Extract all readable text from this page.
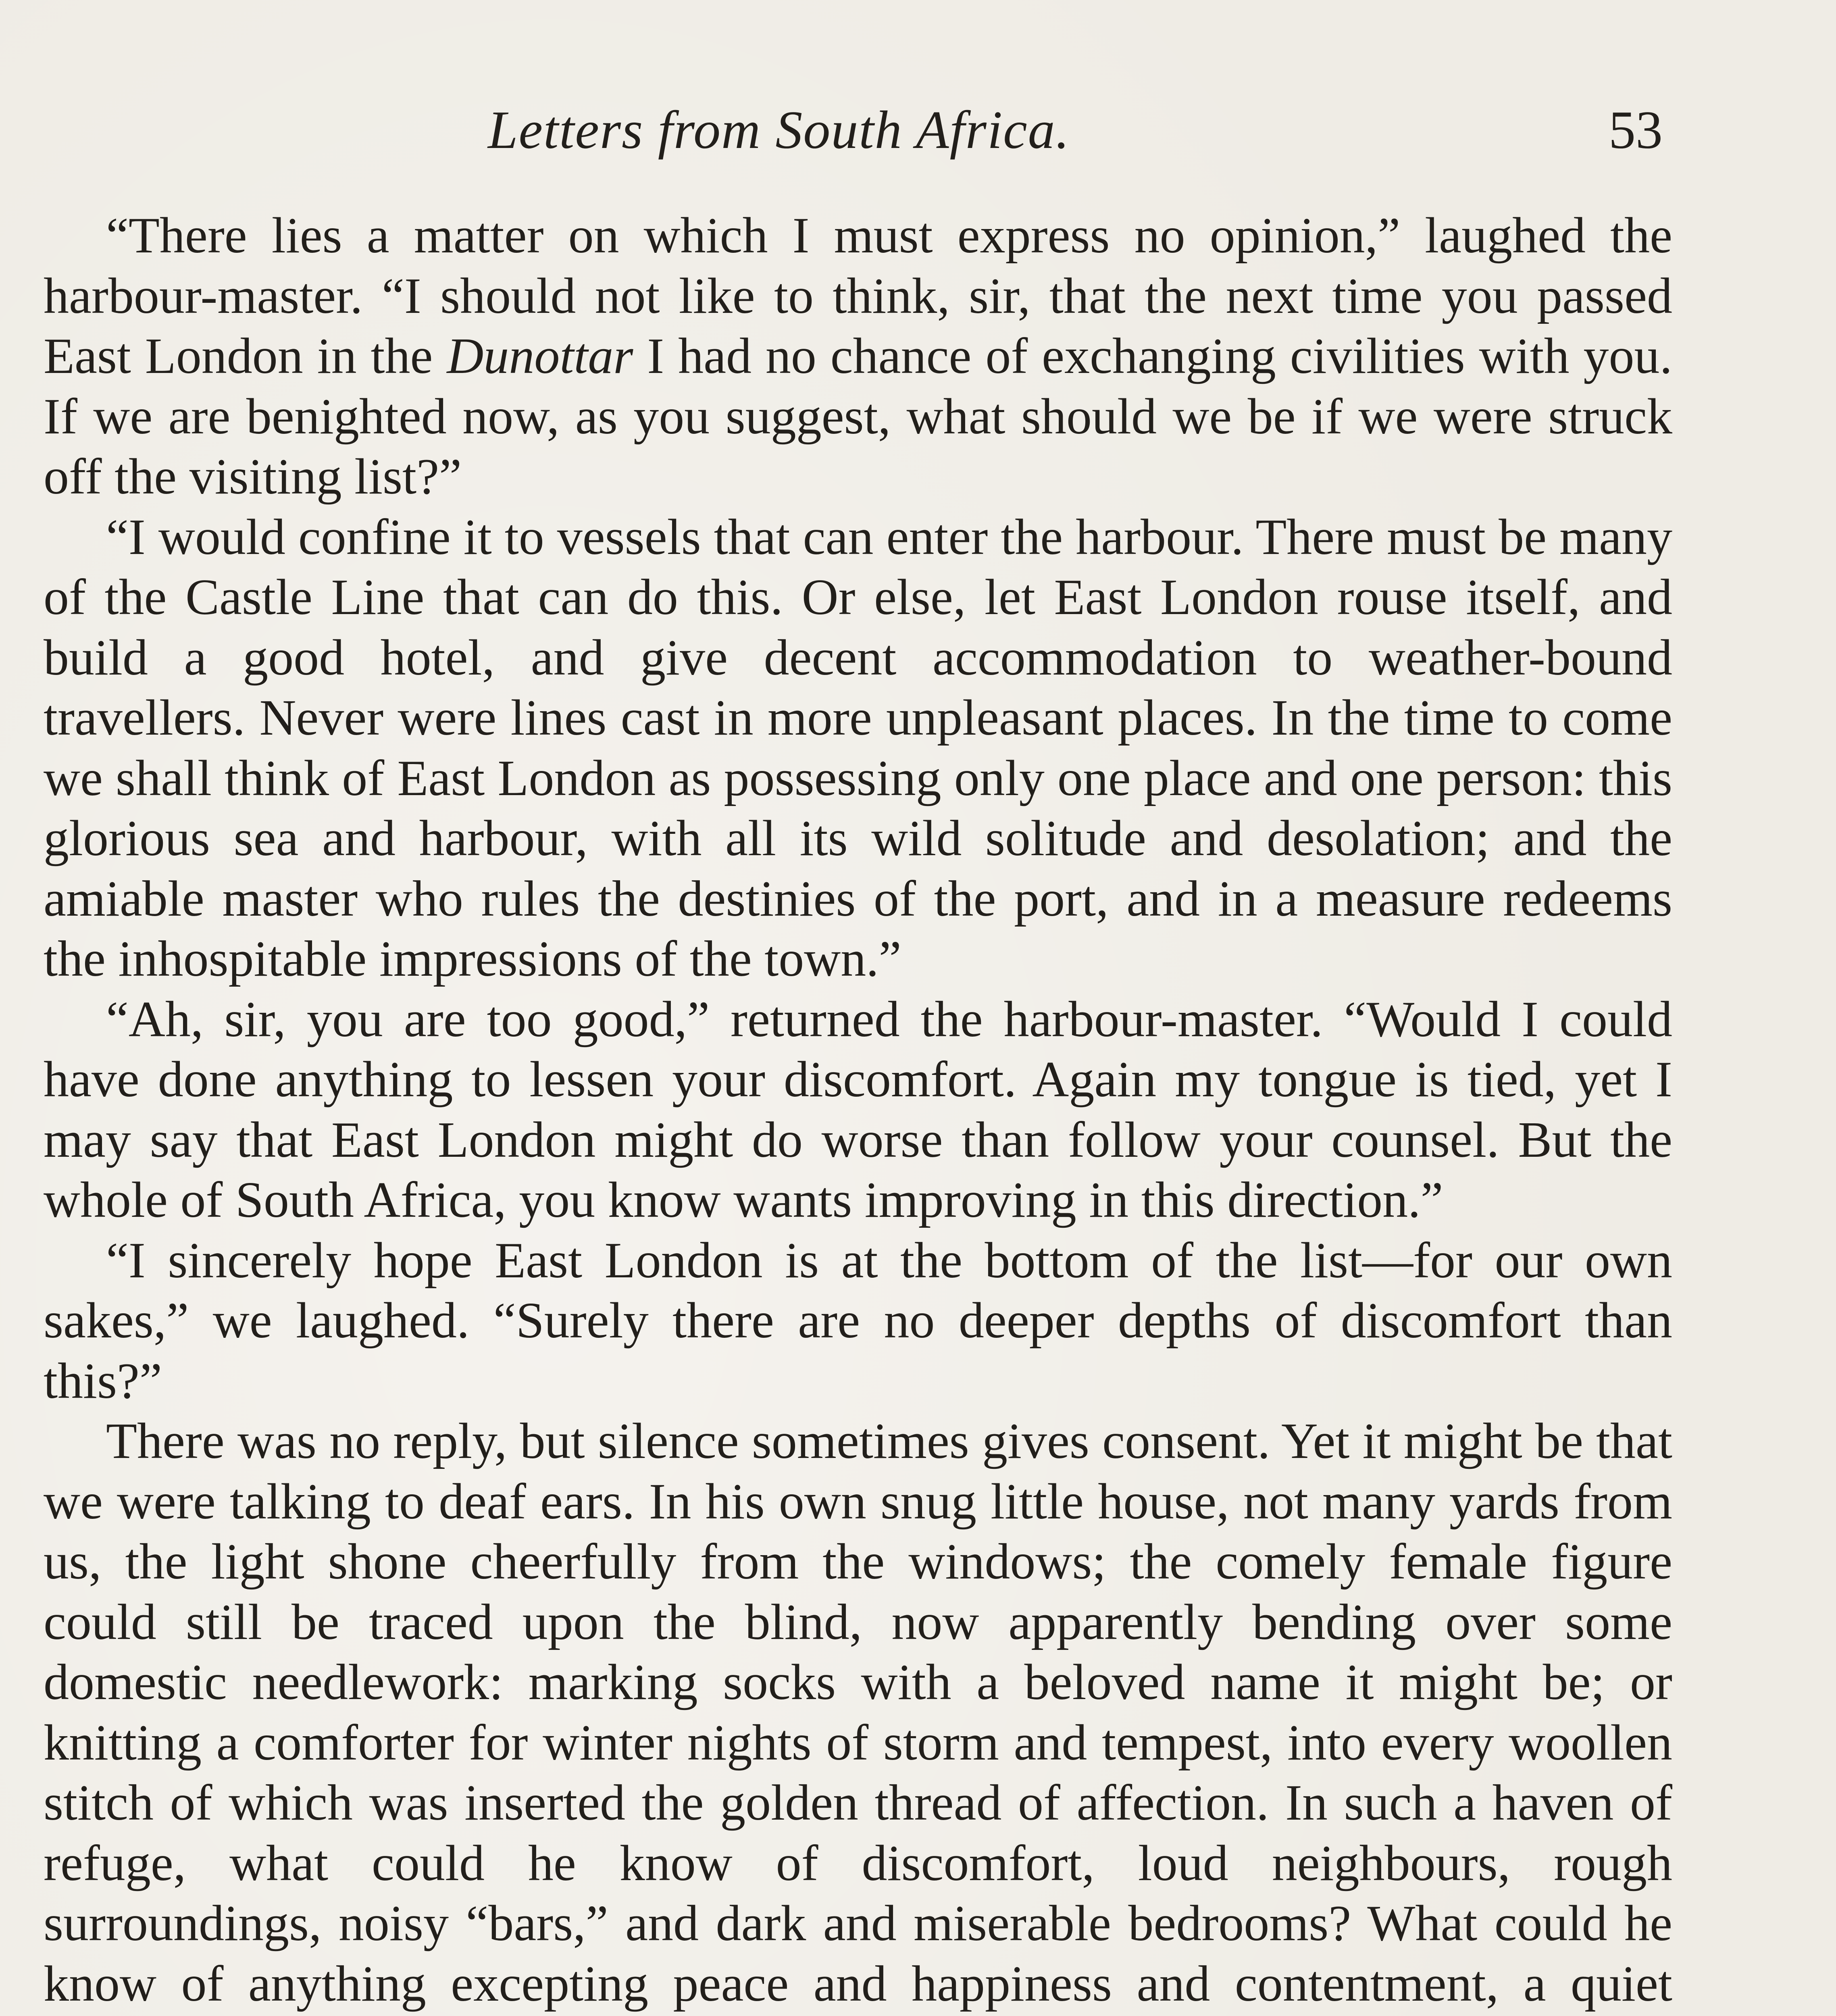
Letters from South Africa.	53

“There lies a matter on which I must express no opinion,” laughed the harbour-master. “I should not like to think, sir, that the next time you passed East London in the Dunottar I had no chance of exchanging civilities with you. If we are benighted now, as you suggest, what should we be if we were struck off the visiting list?”

“I would confine it to vessels that can enter the harbour. There must be many of the Castle Line that can do this. Or else, let East London rouse itself, and build a good hotel, and give decent accommodation to weather-bound travellers. Never were lines cast in more unpleasant places. In the time to come we shall think of East London as possessing only one place and one person: this glorious sea and harbour, with all its wild solitude and desolation; and the amiable master who rules the destinies of the port, and in a measure redeems the inhospitable impressions of the town.”

“Ah, sir, you are too good,” returned the harbour-master. “Would I could have done anything to lessen your discomfort. Again my tongue is tied, yet I may say that East London might do worse than follow your counsel. But the whole of South Africa, you know wants improving in this direction.”

“I sincerely hope East London is at the bottom of the list—for our own sakes,” we laughed. “Surely there are no deeper depths of discomfort than this?”

There was no reply, but silence sometimes gives consent. Yet it might be that we were talking to deaf ears. In his own snug little house, not many yards from us, the light shone cheerfully from the windows; the comely female figure could still be traced upon the blind, now apparently bending over some domestic needlework: marking socks with a beloved name it might be; or knitting a comforter for winter nights of storm and tempest, into every woollen stitch of which was inserted the golden thread of affection. In such a haven of refuge, what could he know of discomfort, loud neighbours, rough surroundings, noisy “bars,” and dark and miserable bedrooms? What could he know of anything excepting peace and happiness and contentment, a quiet
